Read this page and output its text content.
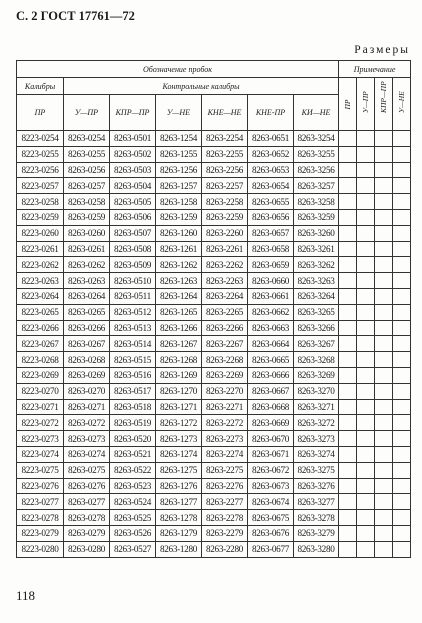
С. 2 ГОСТ 17761—72
Размеры
Обозначение пробок							Примечание			
Калибры	Контрольные калибры						ПР	У—ПР	КПР—ПР	У—НЕ

ПР	У—ПР	КПР—ПР	У—НЕ	КНЕ—НЕ	КНЕ-ПР	КИ—НЕ				
8223-0254	8263-0254	8263-0501	8263-1254	8263-2254	8263-0651	8263-3254				
8223-0255	8263-0255	8263-0502	8263-1255	8263-2255	8263-0652	8263-3255				
8223-0256	8263-0256	8263-0503	8263-1256	8263-2256	8263-0653	8263-3256				
8223-0257	8263-0257	8263-0504	8263-1257	8263-2257	8263-0654	8263-3257				
8223-0258	8263-0258	8263-0505	8263-1258	8263-2258	8263-0655	8263-3258				
8223-0259	8263-0259	8263-0506	8263-1259	8263-2259	8263-0656	8263-3259				
8223-0260	8263-0260	8263-0507	8263-1260	8263-2260	8263-0657	8263-3260				
8223-0261	8263-0261	8263-0508	8263-1261	8263-2261	8263-0658	8263-3261				
8223-0262	8263-0262	8263-0509	8263-1262	8263-2262	8263-0659	8263-3262				
8223-0263	8263-0263	8263-0510	8263-1263	8263-2263	8263-0660	8263-3263				
8223-0264	8263-0264	8263-0511	8263-1264	8263-2264	8263-0661	8263-3264				
8223-0265	8263-0265	8263-0512	8263-1265	8263-2265	8263-0662	8263-3265				
8223-0266	8263-0266	8263-0513	8263-1266	8263-2266	8263-0663	8263-3266				
8223-0267	8263-0267	8263-0514	8263-1267	8263-2267	8263-0664	8263-3267				
8223-0268	8263-0268	8263-0515	8263-1268	8263-2268	8263-0665	8263-3268				
8223-0269	8263-0269	8263-0516	8263-1269	8263-2269	8263-0666	8263-3269				
8223-0270	8263-0270	8263-0517	8263-1270	8263-2270	8263-0667	8263-3270				
8223-0271	8263-0271	8263-0518	8263-1271	8263-2271	8263-0668	8263-3271				
8223-0272	8263-0272	8263-0519	8263-1272	8263-2272	8263-0669	8263-3272				
8223-0273	8263-0273	8263-0520	8263-1273	8263-2273	8263-0670	8263-3273				
8223-0274	8263-0274	8263-0521	8263-1274	8263-2274	8263-0671	8263-3274				
8223-0275	8263-0275	8263-0522	8263-1275	8263-2275	8263-0672	8263-3275				
8223-0276	8263-0276	8263-0523	8263-1276	8263-2276	8263-0673	8263-3276				
8223-0277	8263-0277	8263-0524	8263-1277	8263-2277	8263-0674	8263-3277				
8223-0278	8263-0278	8263-0525	8263-1278	8263-2278	8263-0675	8263-3278				
8223-0279	8263-0279	8263-0526	8263-1279	8263-2279	8263-0676	8263-3279				
8223-0280	8263-0280	8263-0527	8263-1280	8263-2280	8263-0677	8263-3280				
118
